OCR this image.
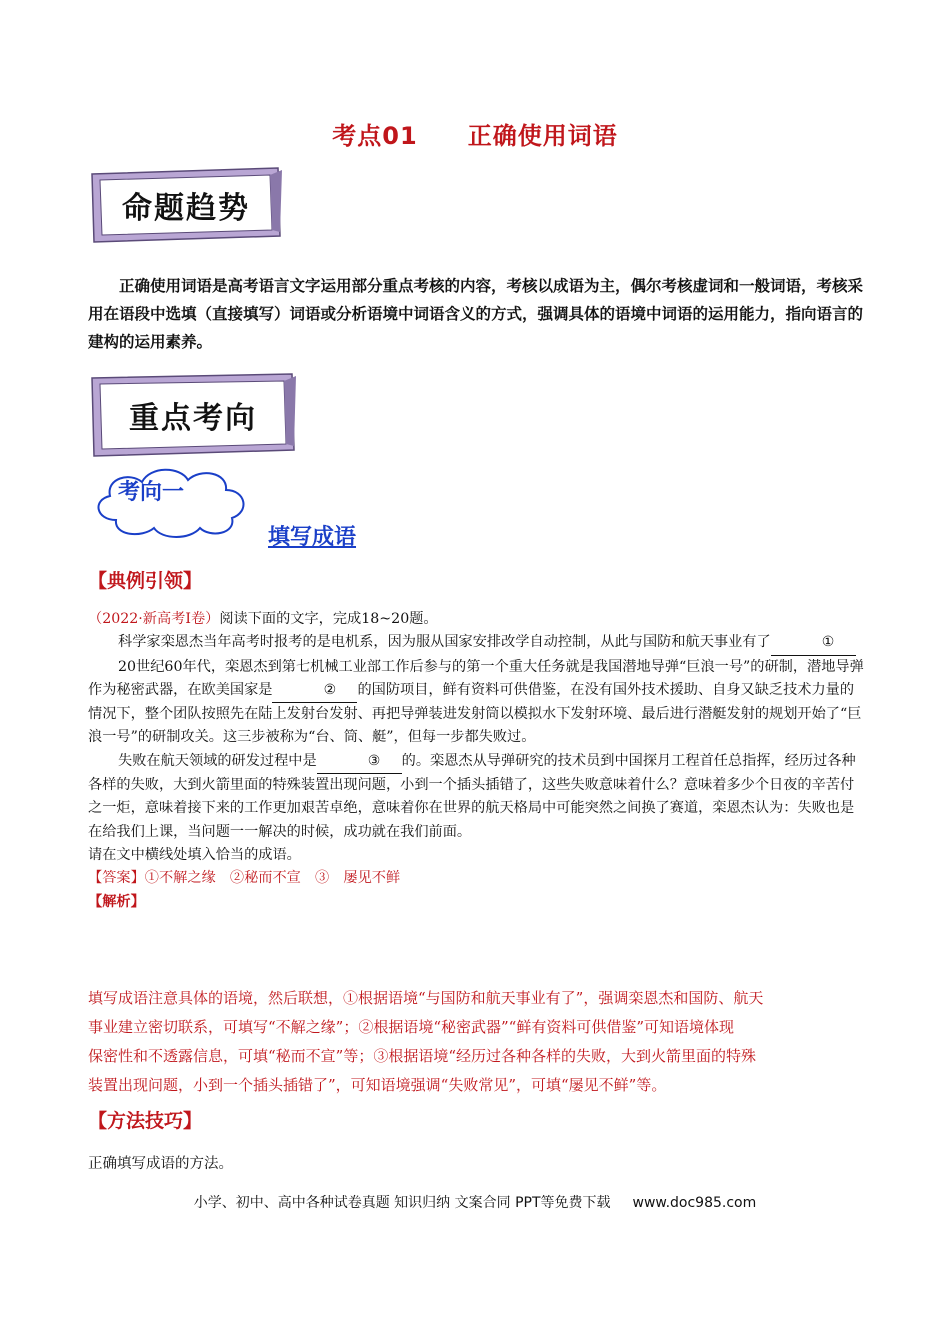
考点01 正确使用词语
命题趋势

正确使用词语是高考语言文字运用部分重点考核的内容，考核以成语为主，偶尔考核虚词和一般词语，考核采用在语段中选填（直接填写）词语或分析语境中词语含义的方式，强调具体的语境中词语的运用能力，指向语言的建构的运用素养。

重点考向
考向一
填写成语
【典例引领】

（2022·新高考Ⅰ卷）阅读下面的文字，完成18~20题。

科学家栾恩杰当年高考时报考的是电机系，因为服从国家安排改学自动控制，从此与国防和航天事业有了	①

20世纪60年代，栾恩杰到第七机械工业部工作后参与的第一个重大任务就是我国潜地导弹“巨浪一号”的研制，潜地导弹作为秘密武器，在欧美国家是	② 的国防项目，鲜有资料可供借鉴，在没有国外技术援助、自身又缺乏技术力量的情况下，整个团队按照先在陆上发射台发射、再把导弹装进发射筒以模拟水下发射环境、最后进行潜艇发射的规划开始了“巨浪一号”的研制攻关。这三步被称为“台、筒、艇”，但每一步都失败过。

失败在航天领域的研发过程中是	③ 的。栾恩杰从导弹研究的技术员到中国探月工程首任总指挥，经历过各种各样的失败，大到火箭里面的特殊装置出现问题，小到一个插头插错了，这些失败意味着什么？意味着多少个日夜的辛苦付之一炬，意味着接下来的工作更加艰苦卓绝，意味着你在世界的航天格局中可能突然之间换了赛道，栾恩杰认为：失败也是在给我们上课，当问题一一解决的时候，成功就在我们前面。

请在文中横线处填入恰当的成语。

【答案】①不解之缘　②秘而不宣　③　屡见不鲜

【解析】

填写成语注意具体的语境，然后联想，①根据语境“与国防和航天事业有了”，强调栾恩杰和国防、航天

事业建立密切联系，可填写“不解之缘”；②根据语境“秘密武器”“鲜有资料可供借鉴”可知语境体现

保密性和不透露信息，可填“秘而不宣”等；③根据语境“经历过各种各样的失败，大到火箭里面的特殊

装置出现问题，小到一个插头插错了”，可知语境强调“失败常见”，可填“屡见不鲜”等。

【方法技巧】
正确填写成语的方法。
小学、初中、高中各种试卷真题 知识归纳 文案合同 PPT等免费下载 www.doc985.com
